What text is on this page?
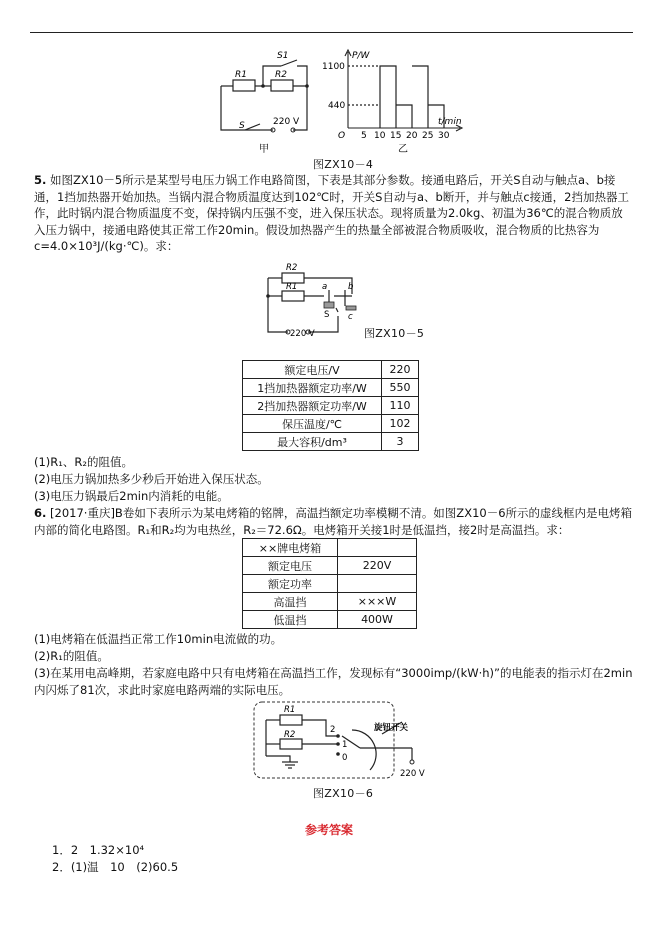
S1
R1	R2
S	220 V
甲
P/W
t/min
1100
440
O 5 10 15 20 25 30
乙
图ZX10－4
5. 如图ZX10－5所示是某型号电压力锅工作电路简图，下表是其部分参数。接通电路后，开关S自动与触点a、b接通，1挡加热器开始加热。当锅内混合物质温度达到102℃时，开关S自动与a、b断开，并与触点c接通，2挡加热器工作，此时锅内混合物质温度不变，保持锅内压强不变，进入保压状态。现将质量为2.0kg、初温为36℃的混合物质放入压力锅中，接通电路使其正常工作20min。假设加热器产生的热量全部被混合物质吸收，混合物质的比热容为c=4.0×10³J/(kg·℃)。求：
R2
R1	a b
S c
220 V	图ZX10－5
额定电压/V	220
1挡加热器额定功率/W	550
2挡加热器额定功率/W	110
保压温度/℃	102
最大容积/dm³	3
(1)R₁、R₂的阻值。
(2)电压力锅加热多少秒后开始进入保压状态。
(3)电压力锅最后2min内消耗的电能。
6. [2017·重庆]B卷如下表所示为某电烤箱的铭牌，高温挡额定功率模糊不清。如图ZX10－6所示的虚线框内是电烤箱内部的简化电路图。R₁和R₂均为电热丝，R₂＝72.6Ω。电烤箱开关接1时是低温挡，接2时是高温挡。求：
××牌电烤箱	
额定电压	220V
额定功率	
高温挡	×××W
低温挡	400W
(1)电烤箱在低温挡正常工作10min电流做的功。
(2)R₁的阻值。
(3)在某用电高峰期，若家庭电路中只有电烤箱在高温挡工作，发现标有“3000imp/(kW·h)”的电能表的指示灯在2min内闪烁了81次，求此时家庭电路两端的实际电压。
R1
R2	2
1
0
旋钮开关
220 V
图ZX10－6
参考答案
1．2　1.32×10⁴
2．(1)温　10　(2)60.5
